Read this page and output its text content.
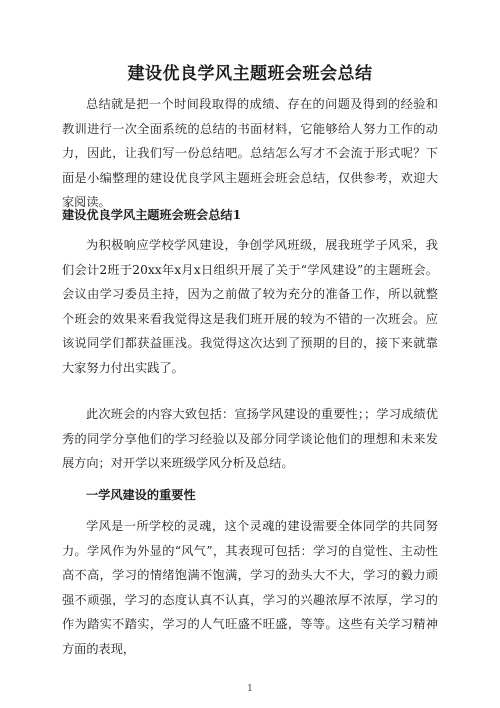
建设优良学风主题班会班会总结

总结就是把一个时间段取得的成绩、存在的问题及得到的经验和教训进行一次全面系统的总结的书面材料，它能够给人努力工作的动力，因此，让我们写一份总结吧。总结怎么写才不会流于形式呢？下面是小编整理的建设优良学风主题班会班会总结，仅供参考，欢迎大家阅读。

建设优良学风主题班会班会总结1

为积极响应学校学风建设，争创学风班级，展我班学子风采，我们会计2班于20xx年x月x日组织开展了关于“学风建设”的主题班会。会议由学习委员主持，因为之前做了较为充分的准备工作，所以就整个班会的效果来看我觉得这是我们班开展的较为不错的一次班会。应该说同学们都获益匪浅。我觉得这次达到了预期的目的，接下来就靠大家努力付出实践了。

此次班会的内容大致包括：宣扬学风建设的重要性；；学习成绩优秀的同学分享他们的学习经验以及部分同学谈论他们的理想和未来发展方向；对开学以来班级学风分析及总结。

一学风建设的重要性

学风是一所学校的灵魂，这个灵魂的建设需要全体同学的共同努力。学风作为外显的“风气”，其表现可包括：学习的自觉性、主动性高不高，学习的情绪饱满不饱满，学习的劲头大不大，学习的毅力顽强不顽强，学习的态度认真不认真，学习的兴趣浓厚不浓厚，学习的作为踏实不踏实，学习的人气旺盛不旺盛，等等。这些有关学习精神方面的表现，

1
